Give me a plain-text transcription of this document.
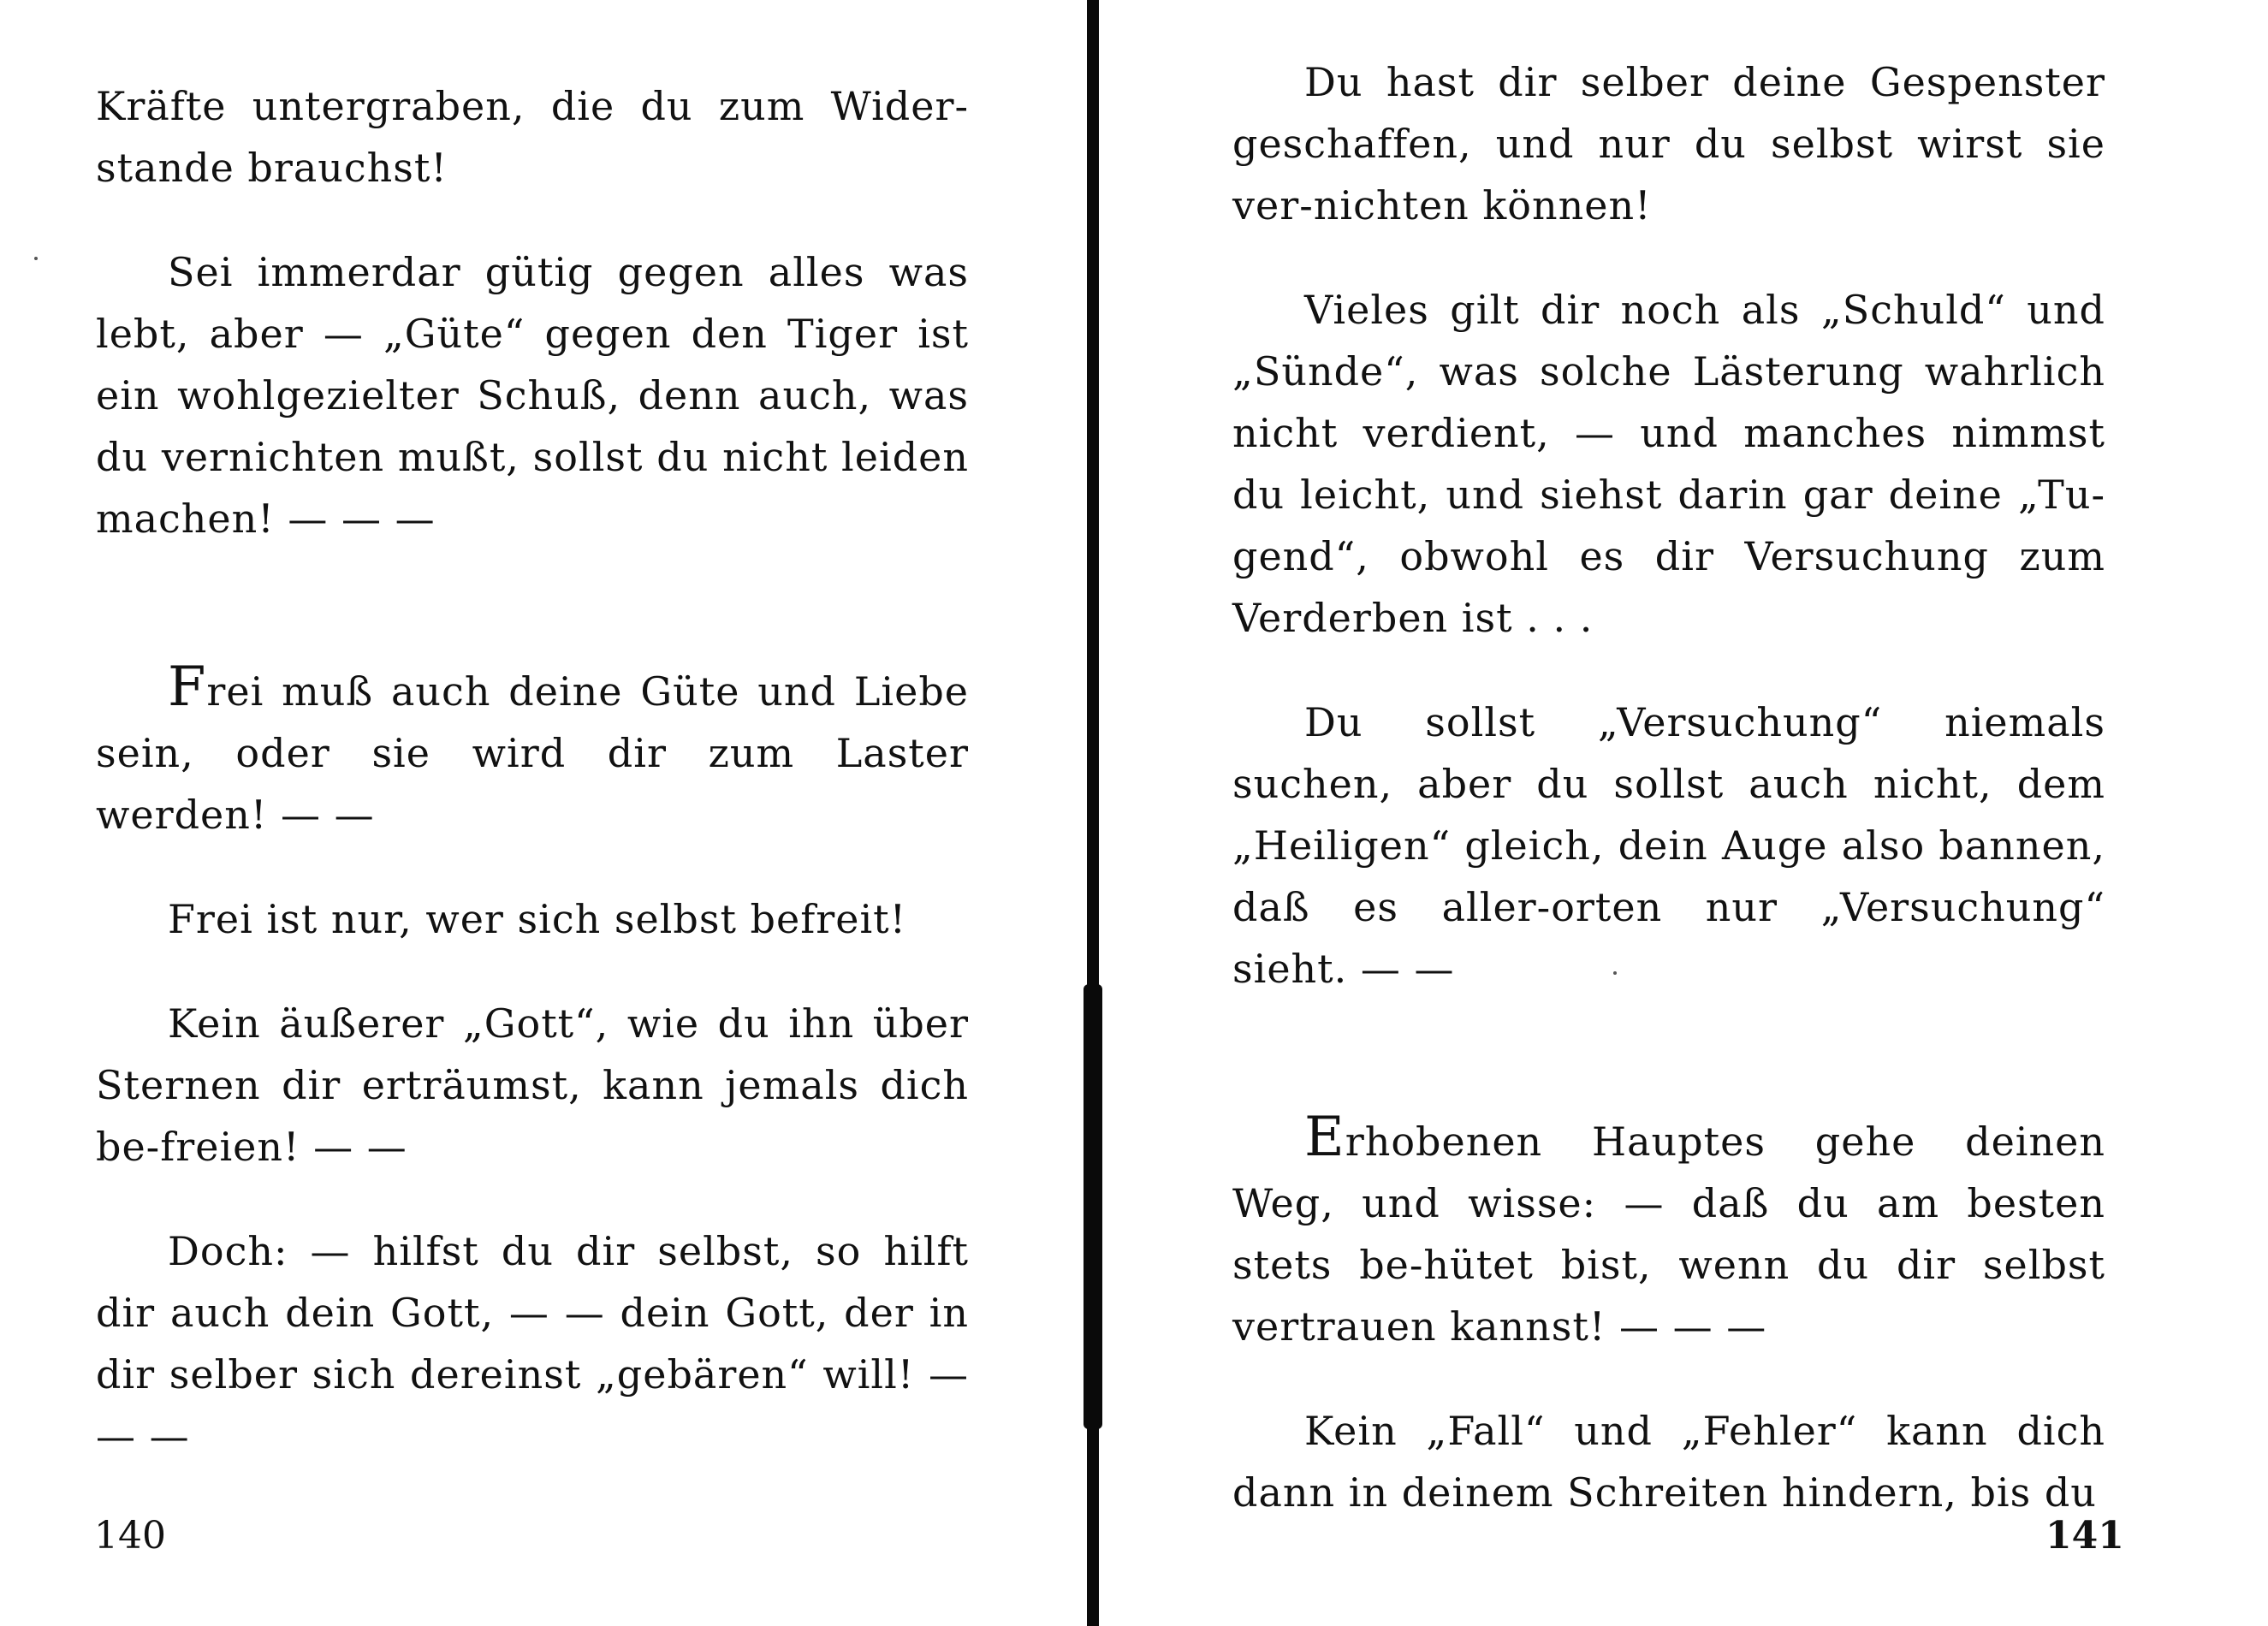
Kräfte untergraben, die du zum Wider-stande brauchst!

Sei immerdar gütig gegen alles was lebt, aber — „Güte“ gegen den Tiger ist ein wohlgezielter Schuß, denn auch, was du vernichten mußt, sollst du nicht leiden machen! — — —

Frei muß auch deine Güte und Liebe sein, oder sie wird dir zum Laster werden! — —

Frei ist nur, wer sich selbst befreit!

Kein äußerer „Gott“, wie du ihn über Sternen dir erträumst, kann jemals dich be-freien! — —

Doch: — hilfst du dir selbst, so hilft dir auch dein Gott, — — dein Gott, der in dir selber sich dereinst „gebären“ will! — — —

140

Du hast dir selber deine Gespenster geschaffen, und nur du selbst wirst sie ver-nichten können!

Vieles gilt dir noch als „Schuld“ und „Sünde“, was solche Lästerung wahrlich nicht verdient, — und manches nimmst du leicht, und siehst darin gar deine „Tu-gend“, obwohl es dir Versuchung zum Verderben ist . . .

Du sollst „Versuchung“ niemals suchen, aber du sollst auch nicht, dem „Heiligen“ gleich, dein Auge also bannen, daß es aller-orten nur „Versuchung“ sieht. — —

Erhobenen Hauptes gehe deinen Weg, und wisse: — daß du am besten stets be-hütet bist, wenn du dir selbst vertrauen kannst! — — —

Kein „Fall“ und „Fehler“ kann dich dann in deinem Schreiten hindern, bis du

141
